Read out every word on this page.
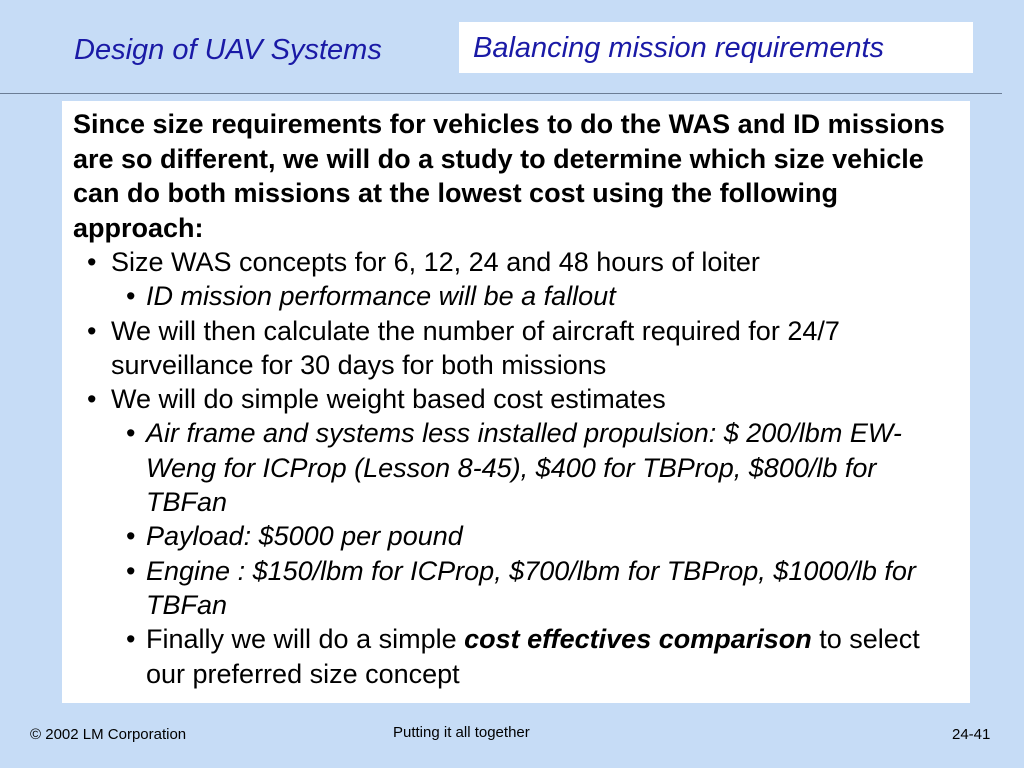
Design of UAV Systems	Balancing mission requirements

Since size requirements for vehicles to do the WAS and ID missions are so different, we will do a study to determine which size vehicle can do both missions at the lowest cost using the following approach:

• Size WAS concepts for 6, 12, 24 and 48 hours of loiter

• ID mission performance will be a fallout

• We will then calculate the number of aircraft required for 24/7 surveillance for 30 days for both missions

• We will do simple weight based cost estimates

• Air frame and systems less installed propulsion: $ 200/lbm EW-Weng for ICProp (Lesson 8-45), $400 for TBProp, $800/lb for TBFan

• Payload: $5000 per pound

• Engine : $150/lbm for ICProp, $700/lbm for TBProp, $1000/lb for TBFan

• Finally we will do a simple cost effectives comparison to select our preferred size concept

© 2002 LM Corporation	Putting it all together	24-41
